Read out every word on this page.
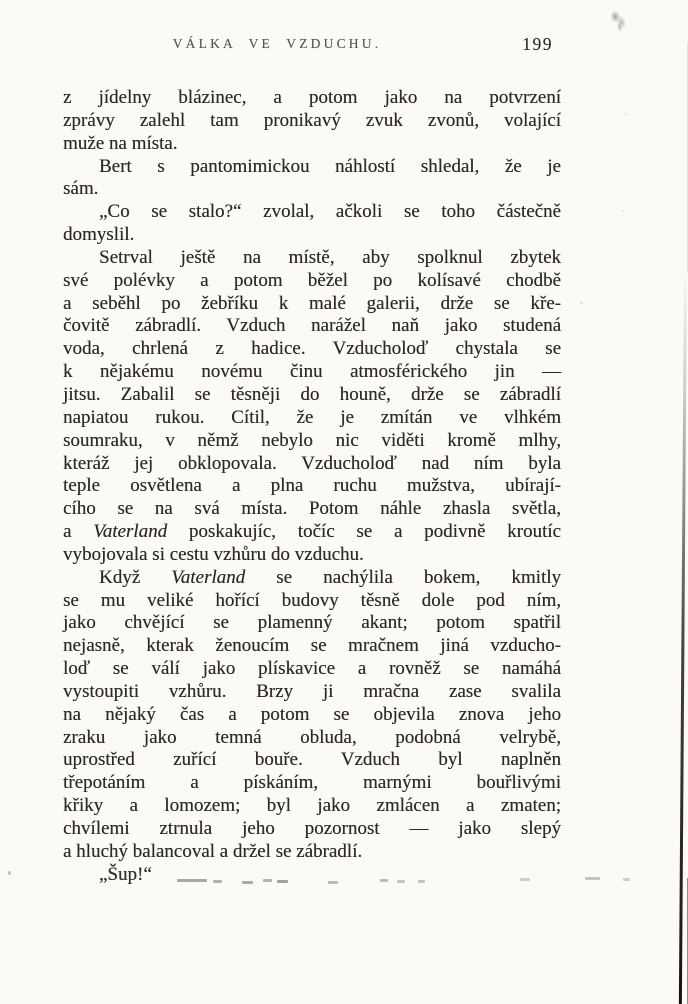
VÁLKA VE VZDUCHU.	199
z jídelny blázinec, a potom jako na potvrzení
zprávy zalehl tam pronikavý zvuk zvonů, volající
muže na místa.
Bert s pantomimickou náhlostí shledal, že je
sám.
„Co se stalo?“ zvolal, ačkoli se toho částečně
domyslil.
Setrval ještě na místě, aby spolknul zbytek
své polévky a potom běžel po kolísavé chodbě
a seběhl po žebříku k malé galerii, drže se kře-
čovitě zábradlí. Vzduch narážel naň jako studená
voda, chrlená z hadice. Vzducholoď chystala se
k nějakému novému činu atmosférického jin —
jitsu. Zabalil se těsněji do houně, drže se zábradlí
napiatou rukou. Cítil, že je zmítán ve vlhkém
soumraku, v němž nebylo nic viděti kromě mlhy,
kteráž jej obklopovala. Vzducholoď nad ním byla
teple osvětlena a plna ruchu mužstva, ubírají-
cího se na svá místa. Potom náhle zhasla světla,
a Vaterland poskakujíc, točíc se a podivně kroutíc
vybojovala si cestu vzhůru do vzduchu.
Když Vaterland se nachýlila bokem, kmitly
se mu veliké hořící budovy těsně dole pod ním,
jako chvějící se plamenný akant; potom spatřil
nejasně, kterak ženoucím se mračnem jiná vzducho-
loď se válí jako plískavice a rovněž se namáhá
vystoupiti vzhůru. Brzy ji mračna zase svalila
na nějaký čas a potom se objevila znova jeho
zraku jako temná obluda, podobná velrybě,
uprostřed zuřící bouře. Vzduch byl naplněn
třepotáním a pískáním, marnými bouřlivými
křiky a lomozem; byl jako zmlácen a zmaten;
chvílemi ztrnula jeho pozornost — jako slepý
a hluchý balancoval a držel se zábradlí.
„Šup!“
